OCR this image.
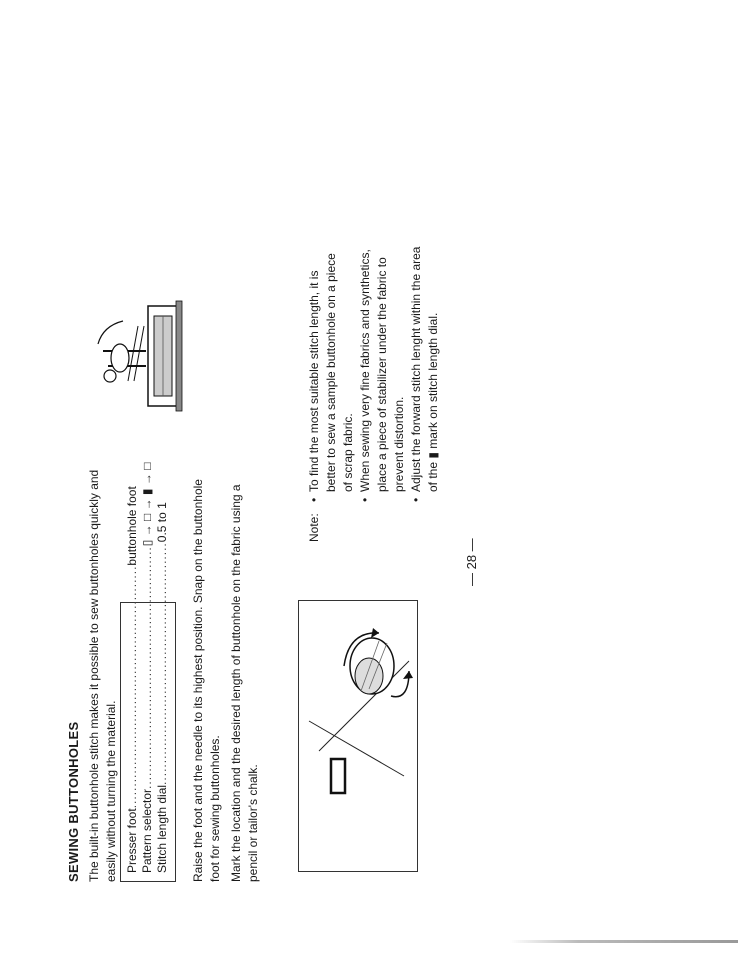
SEWING BUTTONHOLES The built-in buttonhole stitch makes it possible to sew buttonholes quickly and easily without turning the material. Presser foot
........................................................
buttonhole foot
Pattern selector
........................................................
▯ → □ → ▮ → □
Stitch length dial
........................................................
0.5 to 1 Raise the foot and the needle to its highest position. Snap on the buttonhole foot for sewing buttonholes. Mark the location and the desired length of buttonhole on the fabric using a pencil or tailor's chalk.
— 28 —
Note:
•
To find the most suitable stitch length, it is better to sew a sample buttonhole on a piece of scrap fabric.
•
When sewing very fine fabrics and synthetics, place a piece of stabilizer under the fabric to prevent distortion.
•
Adjust the forward stitch lenght within the area of the ▮ mark on stitch length dial.
